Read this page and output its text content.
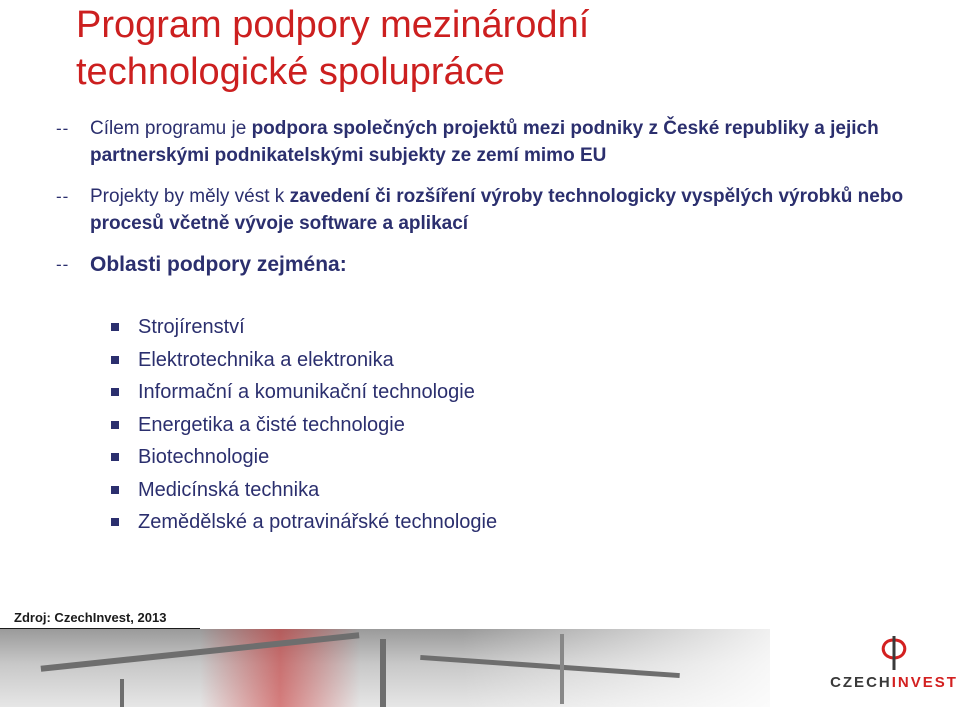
Program podpory mezinárodní
technologické spolupráce
-- Cílem programu je podpora společných projektů mezi podniky z České republiky a jejich partnerskými podnikatelskými subjekty ze zemí mimo EU
-- Projekty by měly vést k zavedení či rozšíření výroby technologicky vyspělých výrobků nebo procesů včetně vývoje software a aplikací
-- Oblasti podpory zejména:
Strojírenství
Elektrotechnika a elektronika
Informační a komunikační technologie
Energetika a čisté technologie
Biotechnologie
Medicínská technika
Zemědělské a potravinářské technologie
Zdroj: CzechInvest, 2013
CZECHINVEST
